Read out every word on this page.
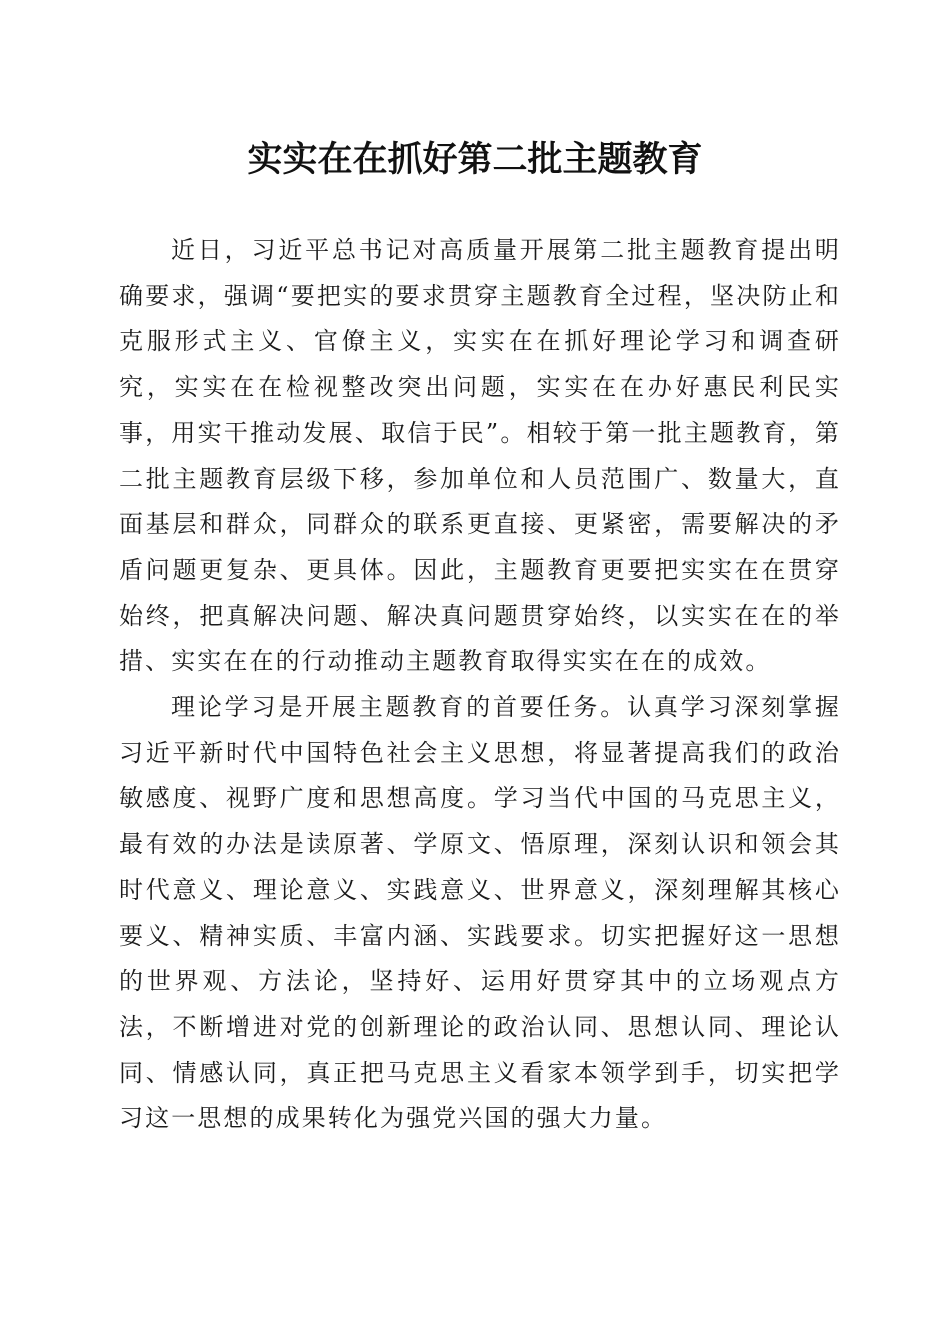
实实在在抓好第二批主题教育

近日，习近平总书记对高质量开展第二批主题教育提出明确要求，强调“要把实的要求贯穿主题教育全过程，坚决防止和克服形式主义、官僚主义，实实在在抓好理论学习和调查研究，实实在在检视整改突出问题，实实在在办好惠民利民实事，用实干推动发展、取信于民”。相较于第一批主题教育，第二批主题教育层级下移，参加单位和人员范围广、数量大，直面基层和群众，同群众的联系更直接、更紧密，需要解决的矛盾问题更复杂、更具体。因此，主题教育更要把实实在在贯穿始终，把真解决问题、解决真问题贯穿始终，以实实在在的举措、实实在在的行动推动主题教育取得实实在在的成效。

理论学习是开展主题教育的首要任务。认真学习深刻掌握习近平新时代中国特色社会主义思想，将显著提高我们的政治敏感度、视野广度和思想高度。学习当代中国的马克思主义，最有效的办法是读原著、学原文、悟原理，深刻认识和领会其时代意义、理论意义、实践意义、世界意义，深刻理解其核心要义、精神实质、丰富内涵、实践要求。切实把握好这一思想的世界观、方法论，坚持好、运用好贯穿其中的立场观点方法，不断增进对党的创新理论的政治认同、思想认同、理论认同、情感认同，真正把马克思主义看家本领学到手，切实把学习这一思想的成果转化为强党兴国的强大力量。
